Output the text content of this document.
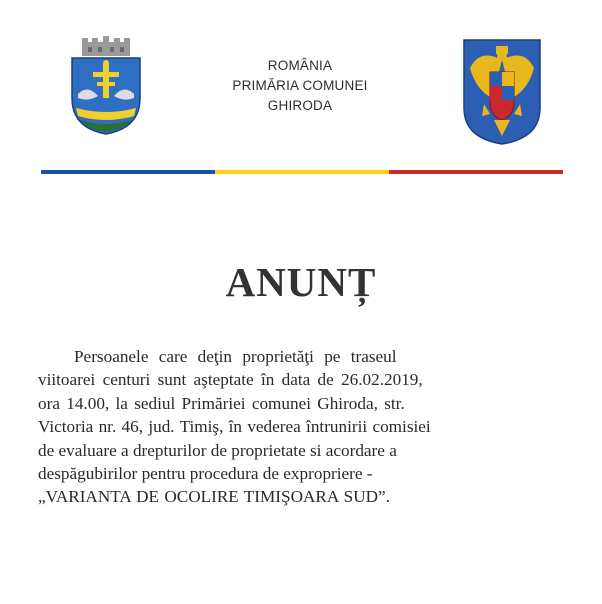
ROMÂNIA
PRIMĂRIA COMUNEI
GHIRODA
ANUNȚ
Persoanele care deţin proprietăţi pe traseul
viitoarei centuri sunt aşteptate în data de 26.02.2019,
ora 14.00, la sediul Primăriei comunei Ghiroda, str.
Victoria nr. 46, jud. Timiş, în vederea întrunirii comisiei
de evaluare a drepturilor de proprietate si acordare a
despăgubirilor pentru procedura de expropriere -
„VARIANTA DE OCOLIRE TIMIŞOARA SUD”.
